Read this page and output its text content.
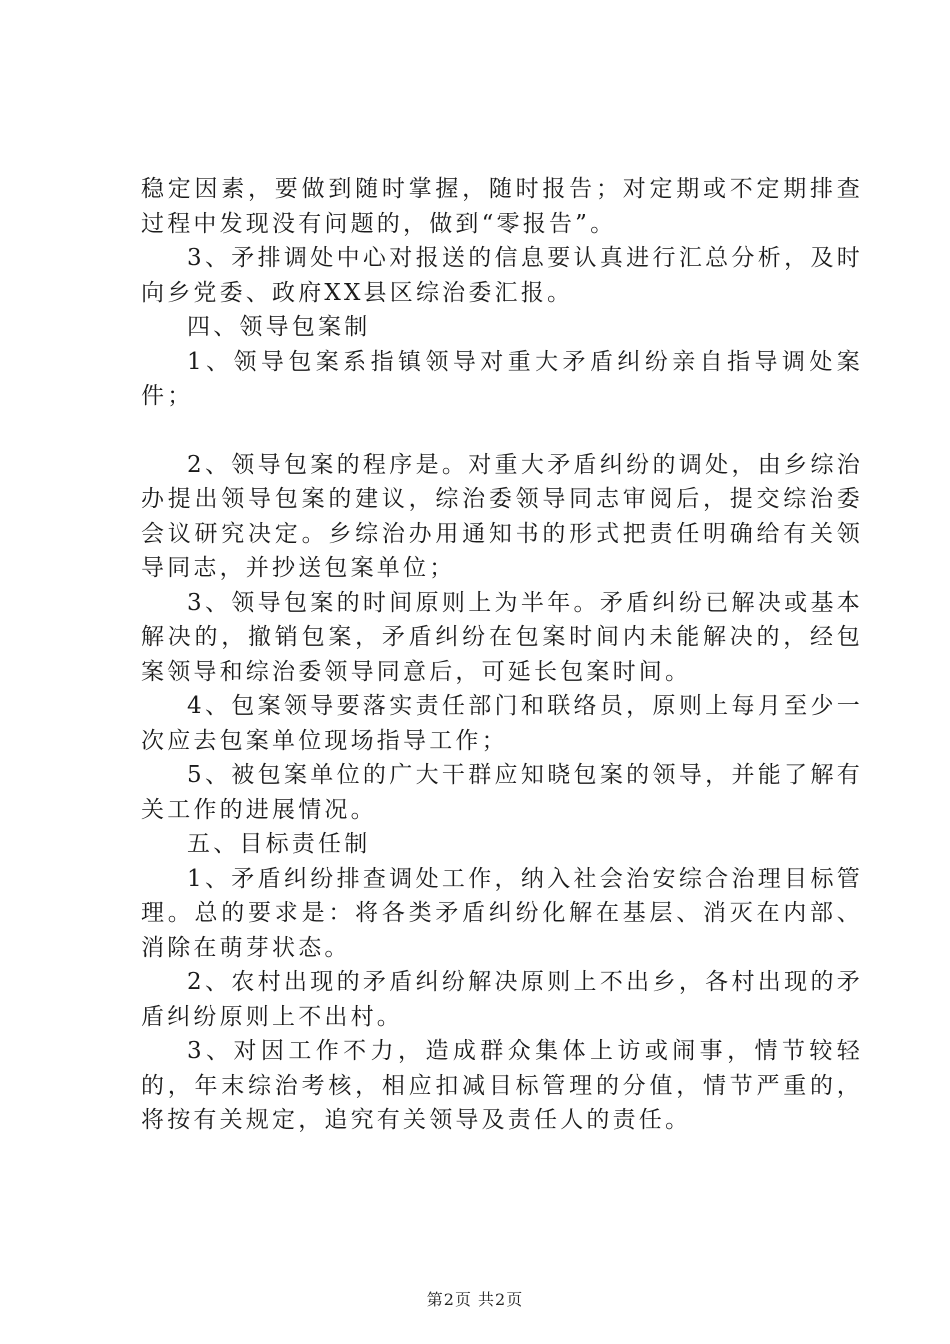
稳定因素，要做到随时掌握，随时报告；对定期或不定期排查过程中发现没有问题的，做到“零报告”。

3、矛排调处中心对报送的信息要认真进行汇总分析，及时向乡党委、政府XX县区综治委汇报。

四、领导包案制

1、领导包案系指镇领导对重大矛盾纠纷亲自指导调处案件；

2、领导包案的程序是。对重大矛盾纠纷的调处，由乡综治办提出领导包案的建议，综治委领导同志审阅后，提交综治委会议研究决定。乡综治办用通知书的形式把责任明确给有关领导同志，并抄送包案单位；

3、领导包案的时间原则上为半年。矛盾纠纷已解决或基本解决的，撤销包案，矛盾纠纷在包案时间内未能解决的，经包案领导和综治委领导同意后，可延长包案时间。

4、包案领导要落实责任部门和联络员，原则上每月至少一次应去包案单位现场指导工作；

5、被包案单位的广大干群应知晓包案的领导，并能了解有关工作的进展情况。

五、目标责任制

1、矛盾纠纷排查调处工作，纳入社会治安综合治理目标管理。总的要求是：将各类矛盾纠纷化解在基层、消灭在内部、消除在萌芽状态。

2、农村出现的矛盾纠纷解决原则上不出乡，各村出现的矛盾纠纷原则上不出村。

3、对因工作不力，造成群众集体上访或闹事，情节较轻的，年末综治考核，相应扣减目标管理的分值，情节严重的，将按有关规定，追究有关领导及责任人的责任。

第2页 共2页
